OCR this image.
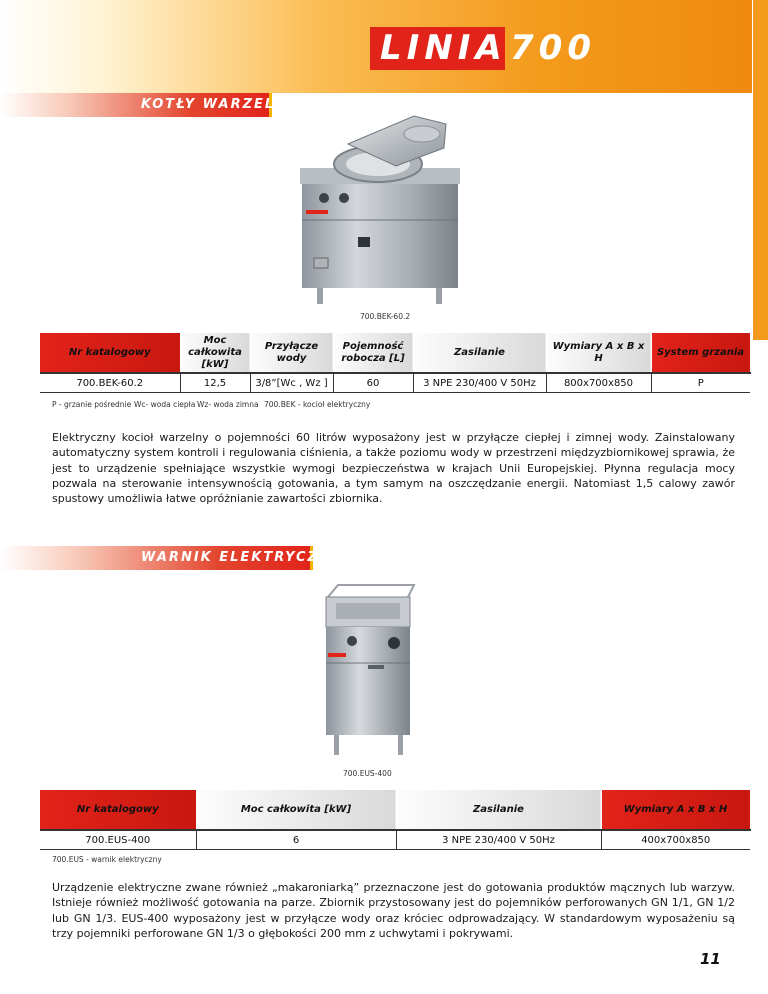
LINIA 700
KOTŁY WARZELNE
700.BEK-60.2
Nr katalogowy	Moc całkowita [kW]	Przyłącze wody	Pojemność robocza [L]	Zasilanie	Wymiary A x B x H	System grzania
700.BEK-60.2	12,5	3/8”[Wc , Wz ]	60	3 NPE 230/400 V 50Hz	800x700x850	P
P - grzanie pośrednie Wc- woda ciepła Wz- woda zimna 700.BEK - kocioł elektryczny
Elektryczny kocioł warzelny o pojemności 60 litrów wyposażony jest w przyłącze ciepłej i zimnej wody. Zainstalowany automatyczny system kontroli i regulowania ciśnienia, a także poziomu wody w przestrzeni międzyzbiornikowej sprawia, że jest to urządzenie spełniające wszystkie wymogi bezpieczeństwa w krajach Unii Europejskiej. Płynna regulacja mocy pozwala na sterowanie intensywnością gotowania, a tym samym na oszczędzanie energii. Natomiast 1,5 calowy zawór spustowy umożliwia łatwe opróżnianie zawartości zbiornika.
WARNIK ELEKTRYCZNY
700.EUS-400
Nr katalogowy	Moc całkowita [kW]	Zasilanie	Wymiary A x B x H
700.EUS-400	6	3 NPE 230/400 V 50Hz	400x700x850
700.EUS - warnik elektryczny
Urządzenie elektryczne zwane również „makaroniarką” przeznaczone jest do gotowania produktów mącznych lub warzyw. Istnieje również możliwość gotowania na parze. Zbiornik przystosowany jest do pojemników perforowanych GN 1/1, GN 1/2 lub GN 1/3. EUS-400 wyposażony jest w przyłącze wody oraz króciec odprowadzający. W standardowym wyposażeniu są trzy pojemniki perforowane GN 1/3 o głębokości 200 mm z uchwytami i pokrywami.
11
